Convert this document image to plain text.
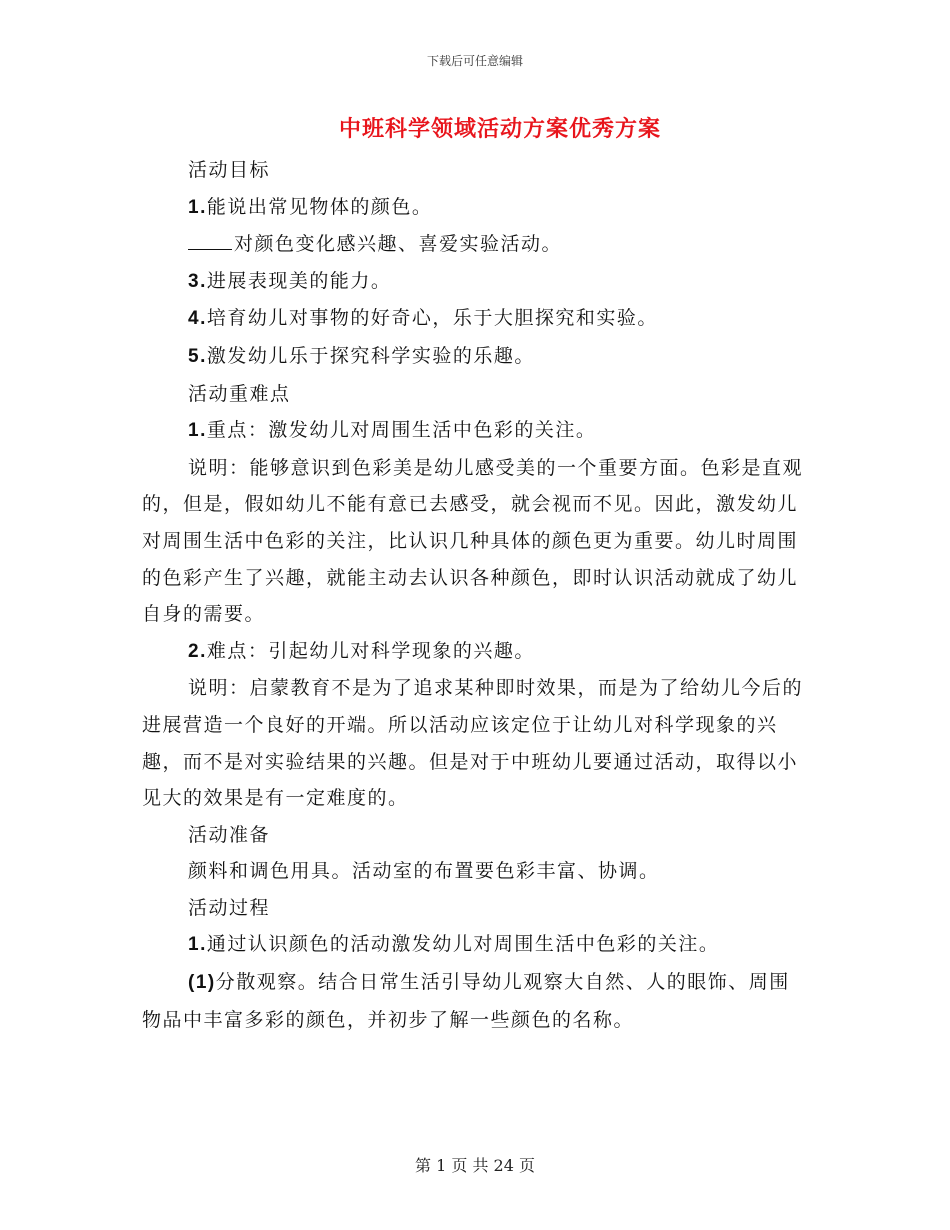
下载后可任意编辑
中班科学领域活动方案优秀方案

活动目标

1.能说出常见物体的颜色。

对颜色变化感兴趣、喜爱实验活动。

3.进展表现美的能力。

4.培育幼儿对事物的好奇心，乐于大胆探究和实验。

5.激发幼儿乐于探究科学实验的乐趣。

活动重难点

1.重点：激发幼儿对周围生活中色彩的关注。

说明：能够意识到色彩美是幼儿感受美的一个重要方面。色彩是直观的，但是，假如幼儿不能有意已去感受，就会视而不见。因此，激发幼儿对周围生活中色彩的关注，比认识几种具体的颜色更为重要。幼儿时周围的色彩产生了兴趣，就能主动去认识各种颜色，即时认识活动就成了幼儿自身的需要。

2.难点：引起幼儿对科学现象的兴趣。

说明：启蒙教育不是为了追求某种即时效果，而是为了给幼儿今后的进展营造一个良好的开端。所以活动应该定位于让幼儿对科学现象的兴趣，而不是对实验结果的兴趣。但是对于中班幼儿要通过活动，取得以小见大的效果是有一定难度的。

活动准备

颜料和调色用具。活动室的布置要色彩丰富、协调。

活动过程

1.通过认识颜色的活动激发幼儿对周围生活中色彩的关注。

(1)分散观察。结合日常生活引导幼儿观察大自然、人的眼饰、周围物品中丰富多彩的颜色，并初步了解一些颜色的名称。

第 1 页 共 24 页
